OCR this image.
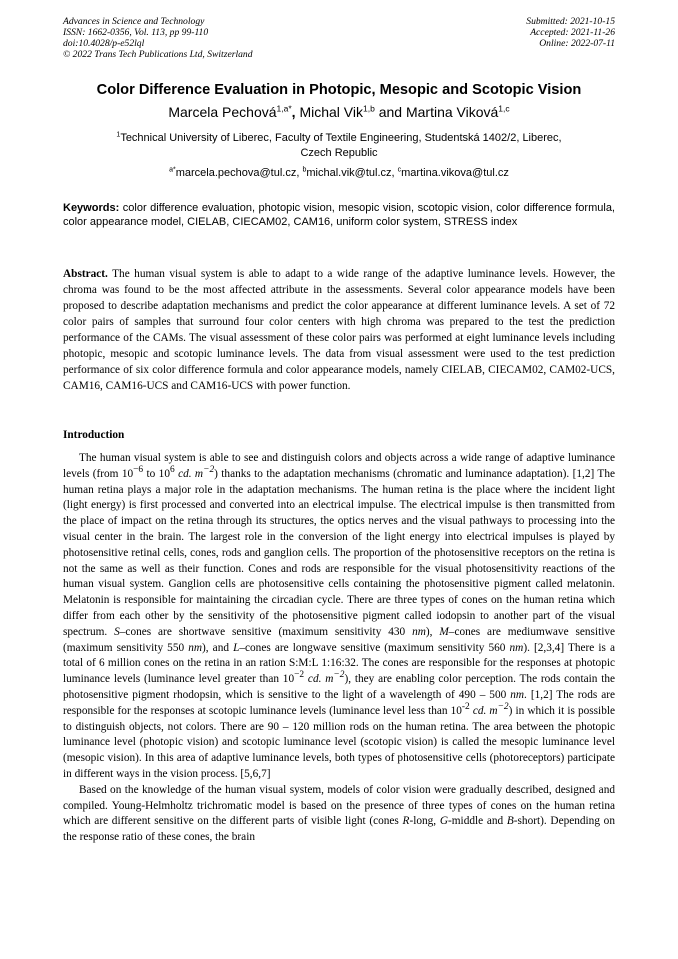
Advances in Science and Technology
ISSN: 1662-0356, Vol. 113, pp 99-110
doi:10.4028/p-e52lql
© 2022 Trans Tech Publications Ltd, Switzerland
Submitted: 2021-10-15
Accepted: 2021-11-26
Online: 2022-07-11
Color Difference Evaluation in Photopic, Mesopic and Scotopic Vision
Marcela Pechová$^{1,a*}$, Michal Vik$^{1,b}$ and Martina Viková$^{1,c}$
$^1$Technical University of Liberec, Faculty of Textile Engineering, Studentská 1402/2, Liberec,
Czech Republic
$^{a*}$marcela.pechova@tul.cz, $^b$michal.vik@tul.cz, $^c$martina.vikova@tul.cz
Keywords: color difference evaluation, photopic vision, mesopic vision, scotopic vision, color difference formula, color appearance model, CIELAB, CIECAM02, CAM16, uniform color system, STRESS index
Abstract. The human visual system is able to adapt to a wide range of the adaptive luminance levels. However, the chroma was found to be the most affected attribute in the assessments. Several color appearance models have been proposed to describe adaptation mechanisms and predict the color appearance at different luminance levels. A set of 72 color pairs of samples that surround four color centers with high chroma was prepared to the test the prediction performance of the CAMs. The visual assessment of these color pairs was performed at eight luminance levels including photopic, mesopic and scotopic luminance levels. The data from visual assessment were used to the test prediction performance of six color difference formula and color appearance models, namely CIELAB, CIECAM02, CAM02-UCS, CAM16, CAM16-UCS and CAM16-UCS with power function.
Introduction

The human visual system is able to see and distinguish colors and objects across a wide range of adaptive luminance levels (from $10^{-6}$ to $10^6$ cd. $m^{-2}$) thanks to the adaptation mechanisms (chromatic and luminance adaptation). [1,2] The human retina plays a major role in the adaptation mechanisms. The human retina is the place where the incident light (light energy) is first processed and converted into an electrical impulse. The electrical impulse is then transmitted from the place of impact on the retina through its structures, the optics nerves and the visual pathways to processing into the visual center in the brain. The largest role in the conversion of the light energy into electrical impulses is played by photosensitive retinal cells, cones, rods and ganglion cells. The proportion of the photosensitive receptors on the retina is not the same as well as their function. Cones and rods are responsible for the visual photosensitivity reactions of the human visual system. Ganglion cells are photosensitive cells containing the photosensitive pigment called melatonin. Melatonin is responsible for maintaining the circadian cycle. There are three types of cones on the human retina which differ from each other by the sensitivity of the photosensitive pigment called iodopsin to another part of the visual spectrum. S–cones are shortwave sensitive (maximum sensitivity 430 nm), M–cones are mediumwave sensitive (maximum sensitivity 550 nm), and L–cones are longwave sensitive (maximum sensitivity 560 nm). [2,3,4] There is a total of 6 million cones on the retina in an ration S:M:L 1:16:32. The cones are responsible for the responses at photopic luminance levels (luminance level greater than $10^{-2}$ cd. $m^{-2}$), they are enabling color perception. The rods contain the photosensitive pigment rhodopsin, which is sensitive to the light of a wavelength of 490 – 500 nm. [1,2] The rods are responsible for the responses at scotopic luminance levels (luminance level less than $10^{-2}$ cd. $m^{-2}$) in which it is possible to distinguish objects, not colors. There are 90 – 120 million rods on the human retina. The area between the photopic luminance level (photopic vision) and scotopic luminance level (scotopic vision) is called the mesopic luminance level (mesopic vision). In this area of adaptive luminance levels, both types of photosensitive cells (photoreceptors) participate in different ways in the vision process. [5,6,7]

Based on the knowledge of the human visual system, models of color vision were gradually described, designed and compiled. Young-Helmholtz trichromatic model is based on the presence of three types of cones on the human retina which are different sensitive on the different parts of visible light (cones R-long, G-middle and B-short). Depending on the response ratio of these cones, the brain
